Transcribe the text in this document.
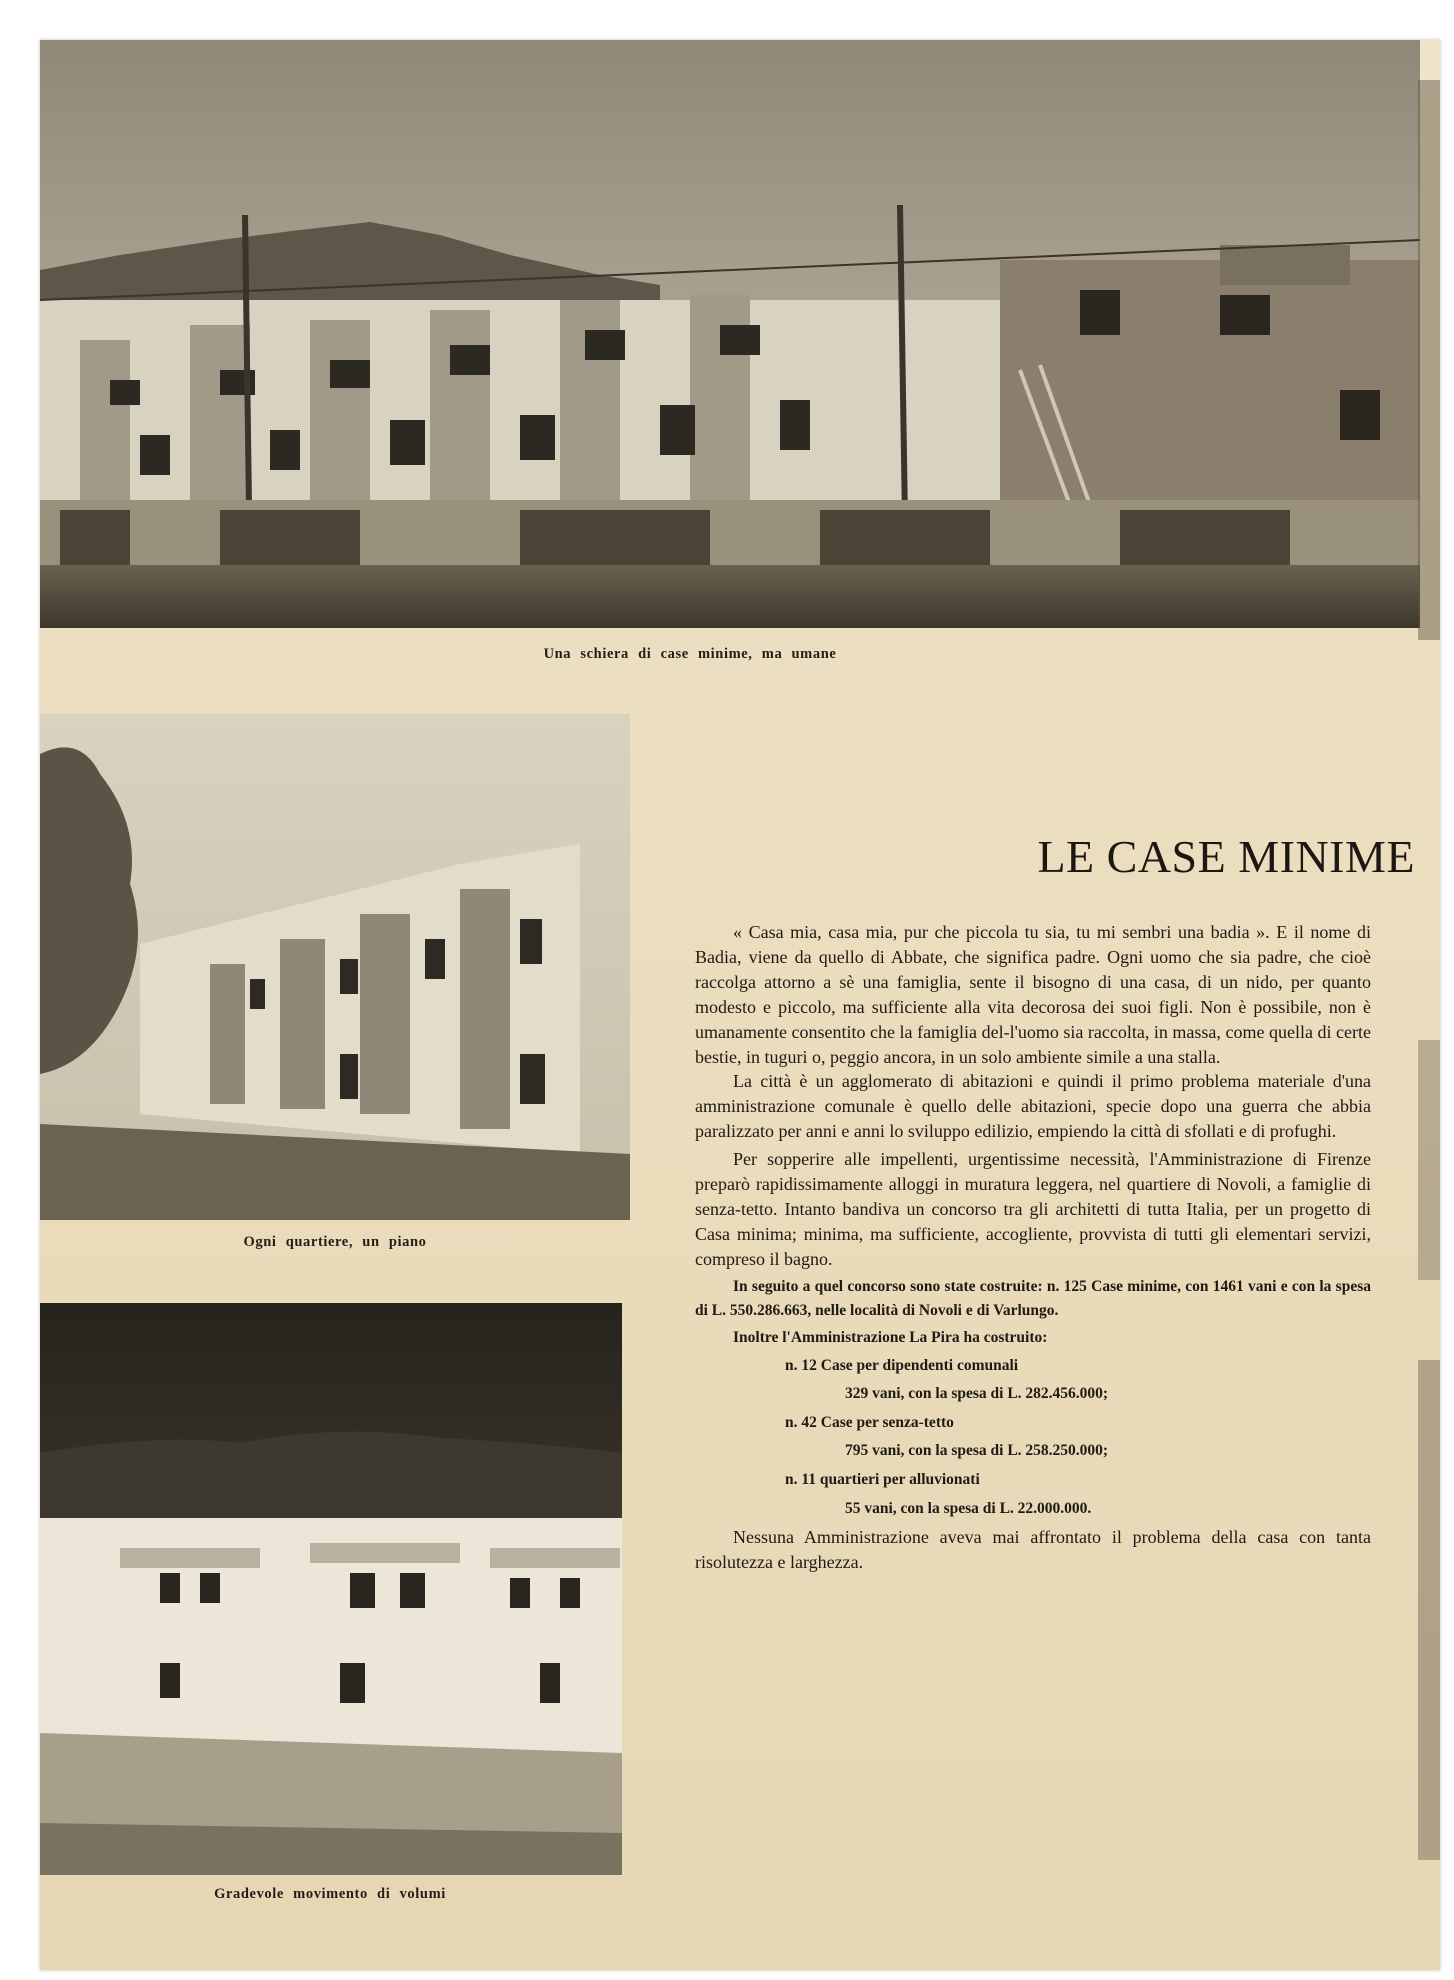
Una schiera di case minime, ma umane
Ogni quartiere, un piano
Gradevole movimento di volumi
LE CASE MINIME

« Casa mia, casa mia, pur che piccola tu sia, tu mi sembri una badia ». E il nome di Badia, viene da quello di Abbate, che significa padre. Ogni uomo che sia padre, che cioè raccolga attorno a sè una famiglia, sente il bisogno di una casa, di un nido, per quanto modesto e piccolo, ma sufficiente alla vita decorosa dei suoi figli. Non è possibile, non è umanamente consentito che la famiglia del-l'uomo sia raccolta, in massa, come quella di certe bestie, in tuguri o, peggio ancora, in un solo ambiente simile a una stalla.

La città è un agglomerato di abitazioni e quindi il primo problema materiale d'una amministrazione comunale è quello delle abitazioni, specie dopo una guerra che abbia paralizzato per anni e anni lo sviluppo edilizio, empiendo la città di sfollati e di profughi.

Per sopperire alle impellenti, urgentissime necessità, l'Amministrazione di Firenze preparò rapidissimamente alloggi in muratura leggera, nel quartiere di Novoli, a famiglie di senza-tetto. Intanto bandiva un concorso tra gli architetti di tutta Italia, per un progetto di Casa minima; minima, ma sufficiente, accogliente, provvista di tutti gli elementari servizi, compreso il bagno.

In seguito a quel concorso sono state costruite: n. 125 Case minime, con 1461 vani e con la spesa di L. 550.286.663, nelle località di Novoli e di Varlungo.

Inoltre l'Amministrazione La Pira ha costruito:

n. 12 Case per dipendenti comunali
329 vani, con la spesa di L. 282.456.000;
n. 42 Case per senza-tetto
795 vani, con la spesa di L. 258.250.000;
n. 11 quartieri per alluvionati
55 vani, con la spesa di L. 22.000.000.

Nessuna Amministrazione aveva mai affrontato il problema della casa con tanta risolutezza e larghezza.
